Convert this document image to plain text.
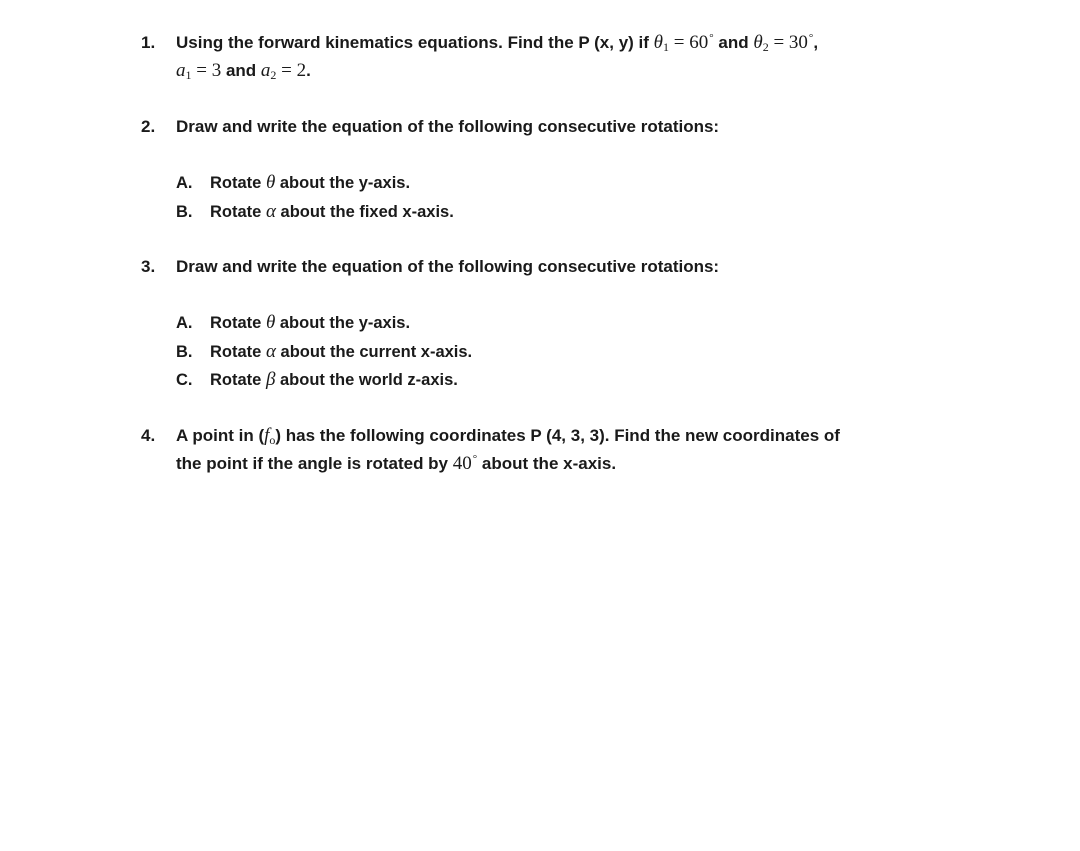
1.	Using the forward kinematics equations. Find the P (x, y) if $\theta_1 = 60^\circ$ and $\theta_2 = 30^\circ$,
$a_1 = 3$ and $a_2 = 2$.
2.	Draw and write the equation of the following consecutive rotations:
A. Rotate θ about the y-axis.
B. Rotate α about the fixed x-axis.
3.	Draw and write the equation of the following consecutive rotations:
A. Rotate θ about the y-axis.
B. Rotate α about the current x-axis.
C. Rotate β about the world z-axis.
4.	A point in $(f_o)$ has the following coordinates P (4, 3, 3). Find the new coordinates of
the point if the angle is rotated by 40° about the x-axis.
